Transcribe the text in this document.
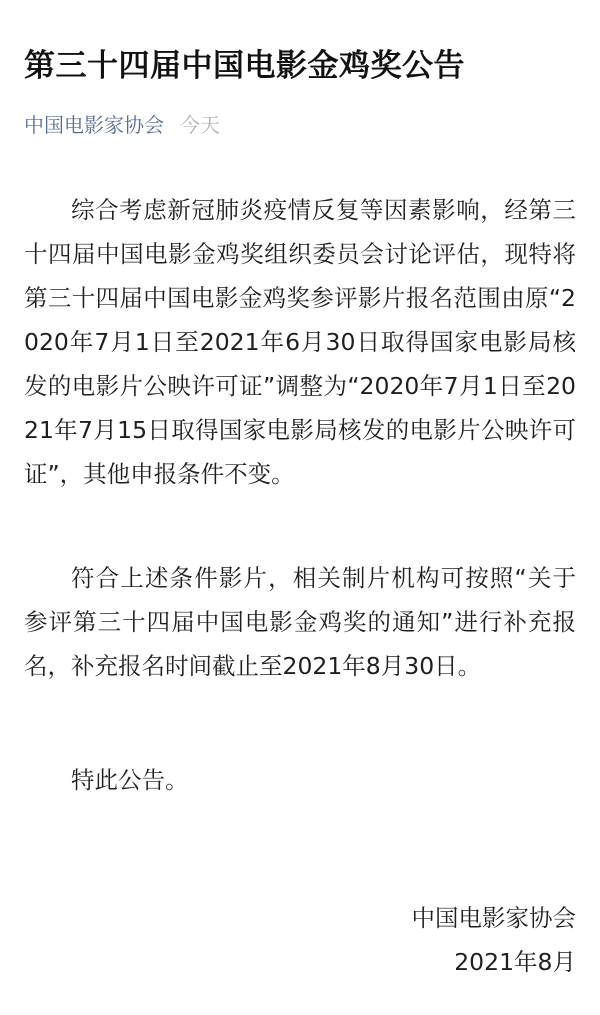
第三十四届中国电影金鸡奖公告
中国电影家协会 今天

综合考虑新冠肺炎疫情反复等因素影响，经第三十四届中国电影金鸡奖组织委员会讨论评估，现特将第三十四届中国电影金鸡奖参评影片报名范围由原“2020年7月1日至2021年6月30日取得国家电影局核发的电影片公映许可证”调整为“2020年7月1日至2021年7月15日取得国家电影局核发的电影片公映许可证”，其他申报条件不变。

符合上述条件影片，相关制片机构可按照“关于参评第三十四届中国电影金鸡奖的通知”进行补充报名，补充报名时间截止至2021年8月30日。

特此公告。

中国电影家协会
2021年8月
